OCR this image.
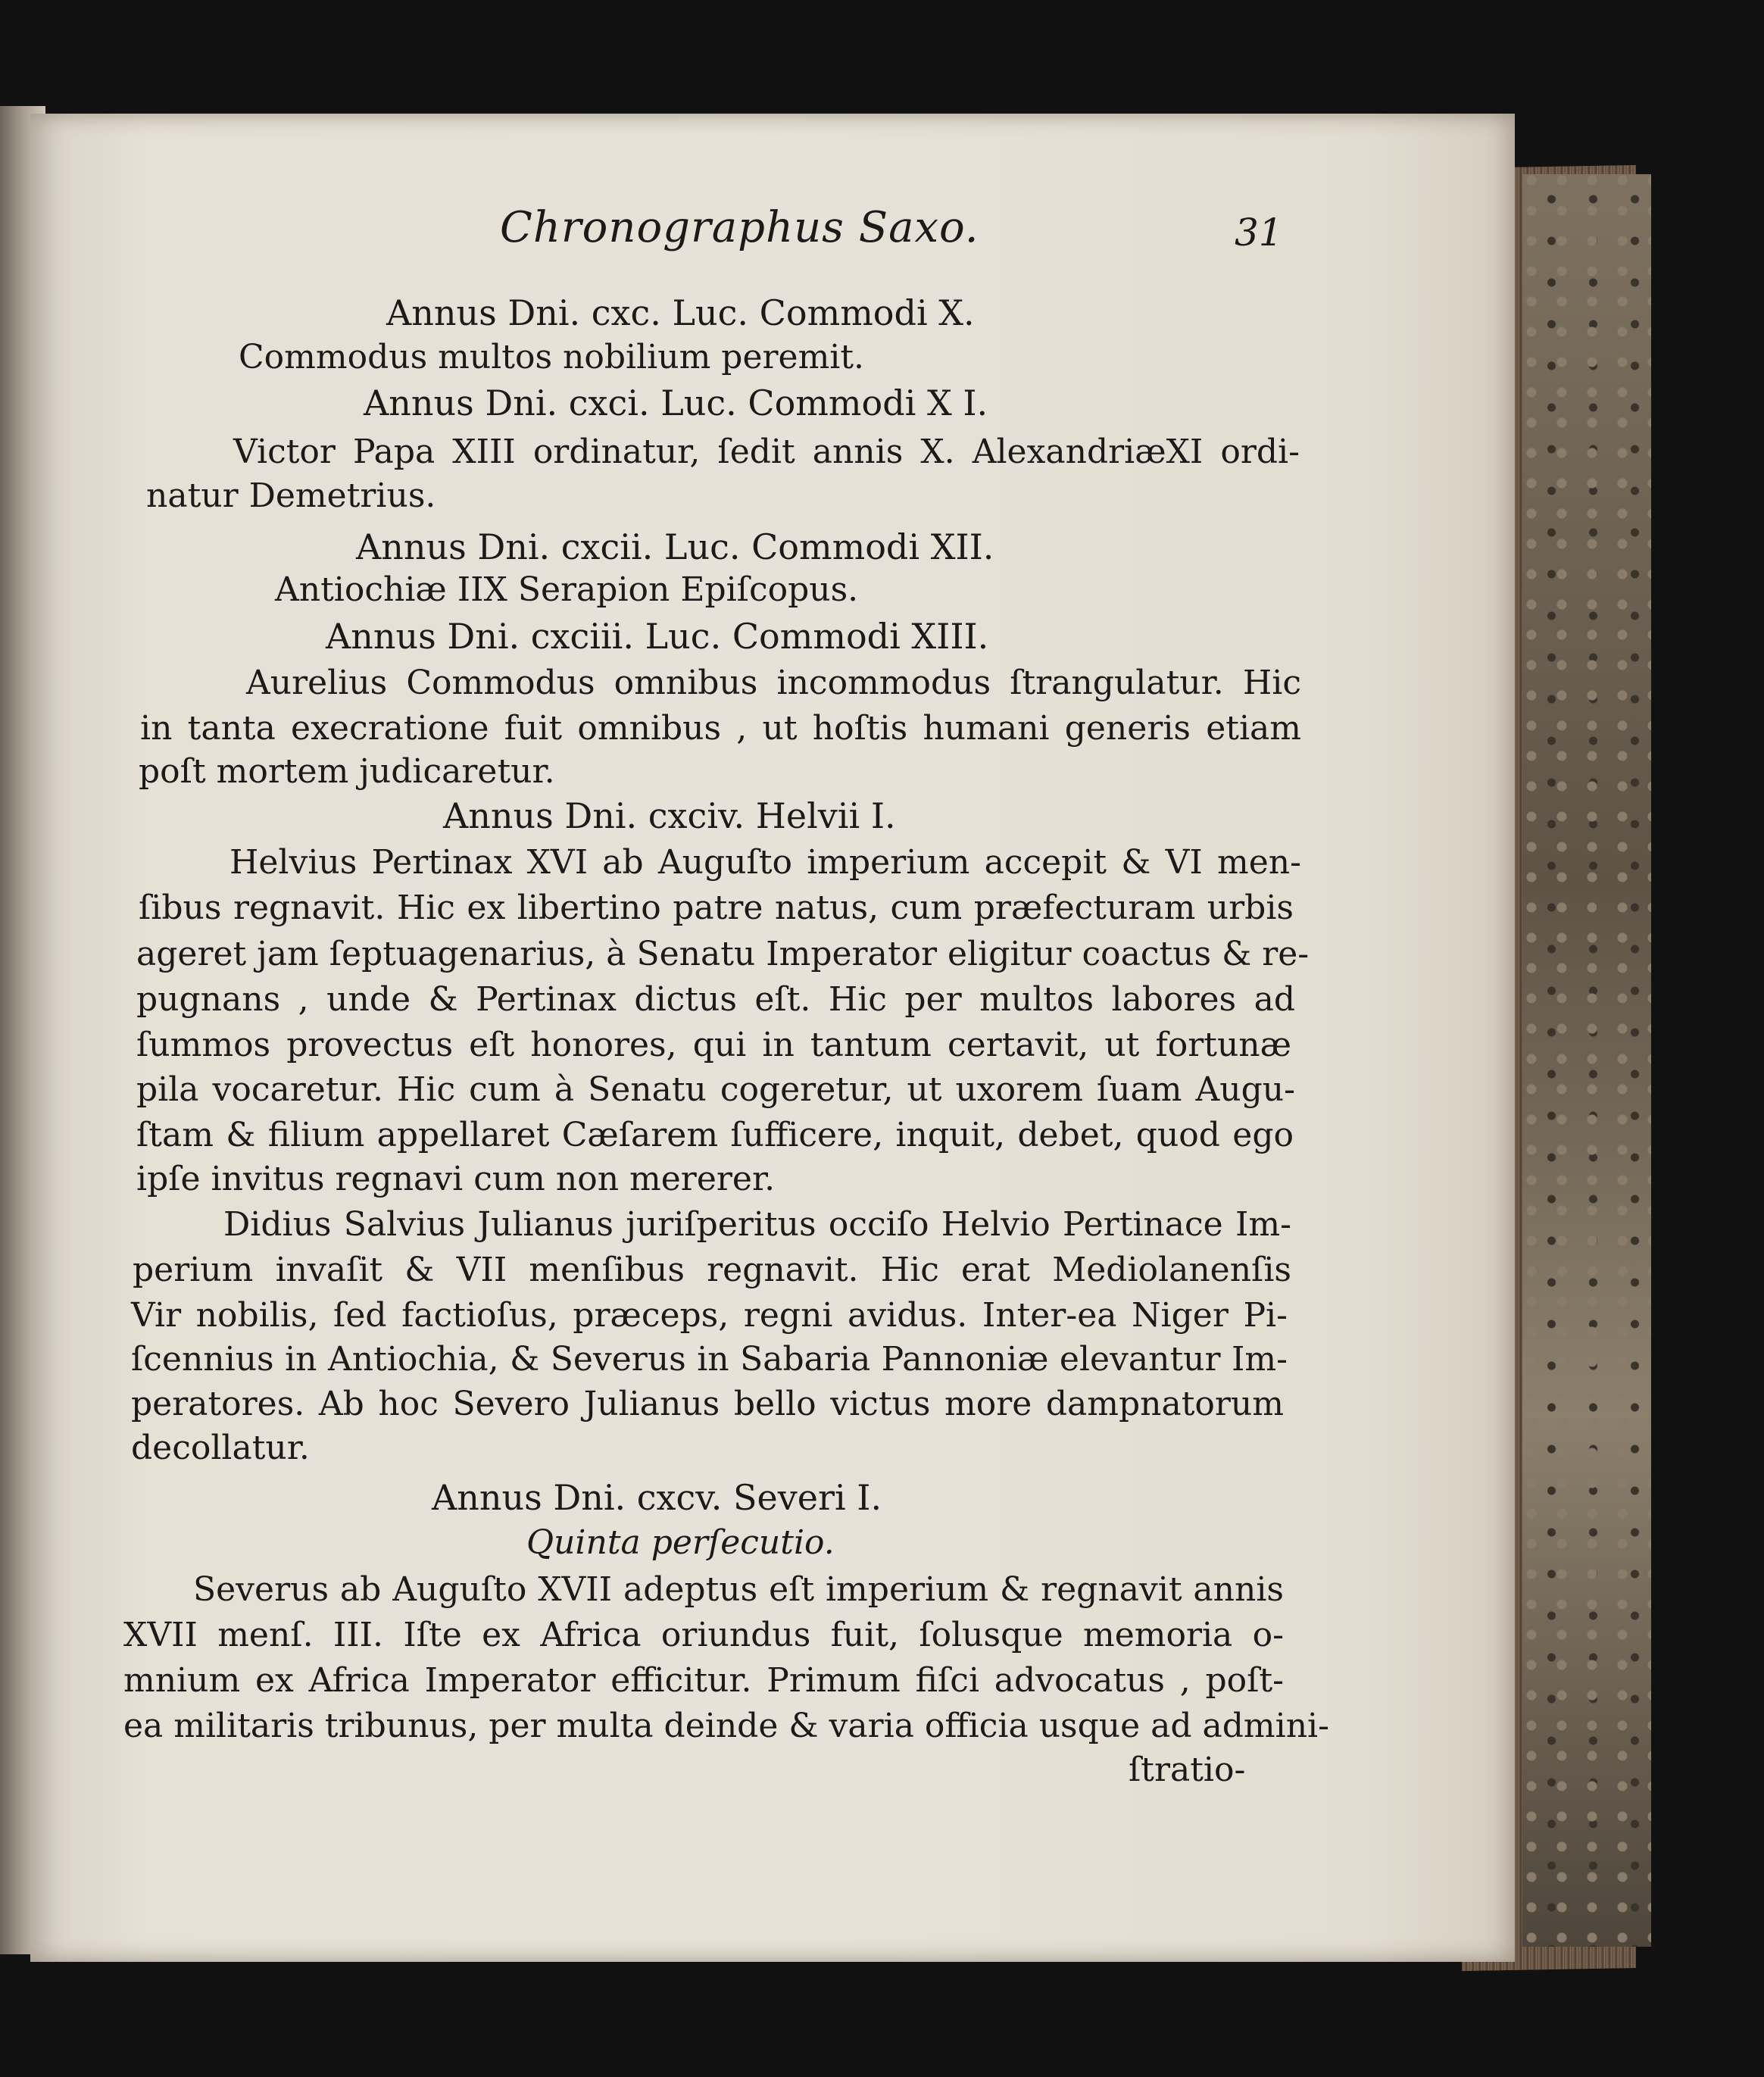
Chronographus Saxo.	31
Annus Dni. cxc. Luc. Commodi X.
Commodus multos nobilium peremit.
Annus Dni. cxci. Luc. Commodi X I.
Victor Papa XIII ordinatur, ſedit annis X. AlexandriæXI ordi-
natur Demetrius.
Annus Dni. cxcii. Luc. Commodi XII.
Antiochiæ IIX Serapion Epiſcopus.
Annus Dni. cxciii. Luc. Commodi XIII.
Aurelius Commodus omnibus incommodus ſtrangulatur. Hic
in tanta execratione fuit omnibus , ut hoſtis humani generis etiam
poſt mortem judicaretur.
Annus Dni. cxciv. Helvii I.
Helvius Pertinax XVI ab Auguſto imperium accepit & VI men-
ſibus regnavit. Hic ex libertino patre natus, cum præfecturam urbis
ageret jam ſeptuagenarius, à Senatu Imperator eligitur coactus & re-
pugnans , unde & Pertinax dictus eſt. Hic per multos labores ad
ſummos provectus eſt honores, qui in tantum certavit, ut fortunæ
pila vocaretur. Hic cum à Senatu cogeretur, ut uxorem ſuam Augu-
ſtam & filium appellaret Cæſarem ſufficere, inquit, debet, quod ego
ipſe invitus regnavi cum non mererer.
Didius Salvius Julianus juriſperitus occiſo Helvio Pertinace Im-
perium invaſit & VII menſibus regnavit. Hic erat Mediolanenſis
Vir nobilis, ſed factioſus, præceps, regni avidus. Inter-ea Niger Pi-
ſcennius in Antiochia, & Severus in Sabaria Pannoniæ elevantur Im-
peratores. Ab hoc Severo Julianus bello victus more dampnatorum
decollatur.
Annus Dni. cxcv. Severi I.
Quinta perſecutio.
Severus ab Auguſto XVII adeptus eſt imperium & regnavit annis
XVII menſ. III. Iſte ex Africa oriundus fuit, ſolusque memoria o-
mnium ex Africa Imperator efficitur. Primum fiſci advocatus , poſt-
ea militaris tribunus, per multa deinde & varia officia usque ad admini-
ſtratio-
